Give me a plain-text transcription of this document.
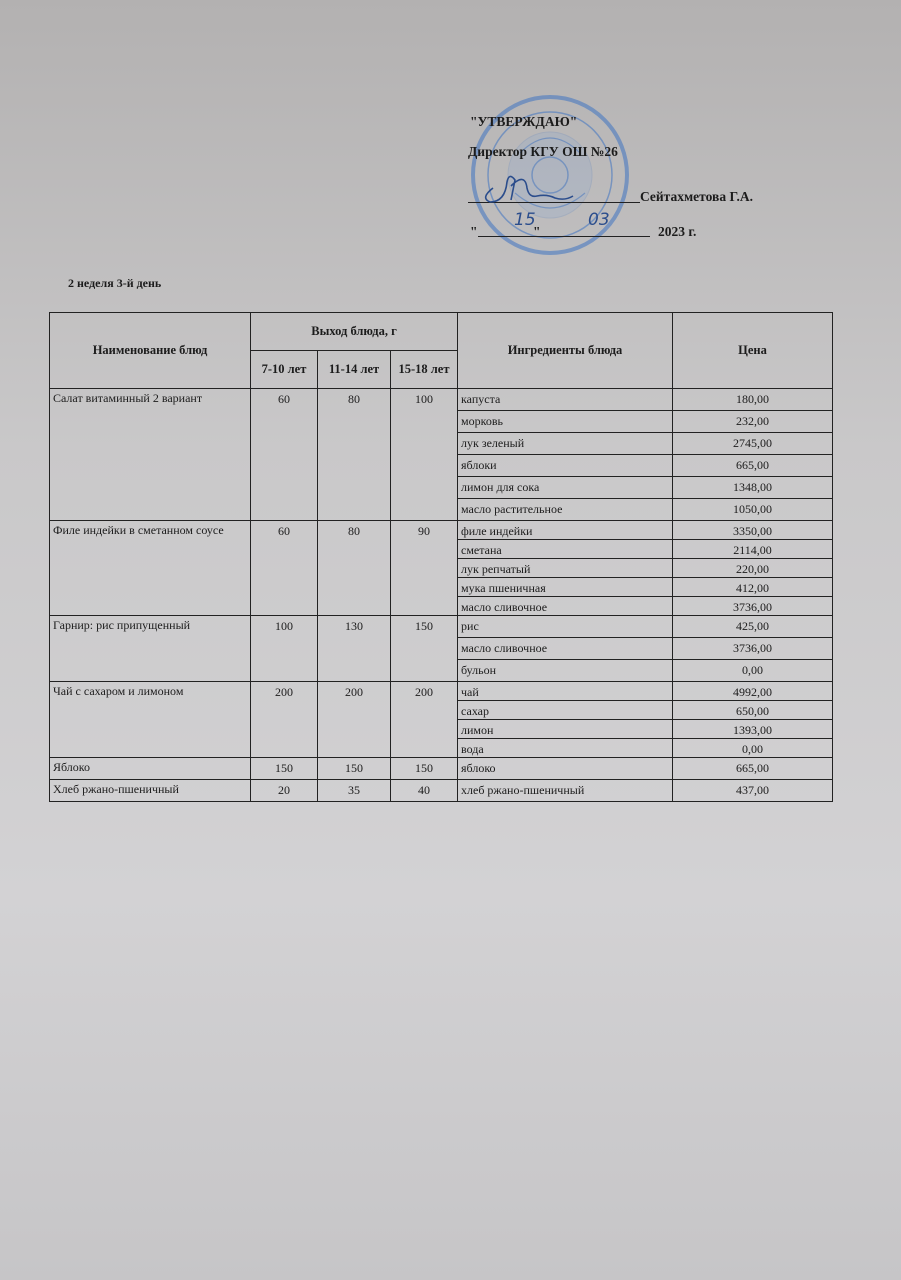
"УТВЕРЖДАЮ"
Директор КГУ ОШ №26
Сейтахметова Г.А.
"	"	2023 г.
15	03
2 неделя 3-й день
Наименование блюд	Выход блюда, г			Ингредиенты блюда	Цена
	7-10 лет	11-14 лет	15-18 лет		
Салат витаминный 2 вариант	60	80	100	капуста	180,00
				морковь	232,00
				лук зеленый	2745,00
				яблоки	665,00
				лимон для сока	1348,00
				масло растительное	1050,00
Филе индейки в сметанном соусе	60	80	90	филе индейки	3350,00
				сметана	2114,00
				лук репчатый	220,00
				мука пшеничная	412,00
				масло сливочное	3736,00
Гарнир: рис припущенный	100	130	150	рис	425,00
				масло сливочное	3736,00
				бульон	0,00
Чай с сахаром и лимоном	200	200	200	чай	4992,00
				сахар	650,00
				лимон	1393,00
				вода	0,00
Яблоко	150	150	150	яблоко	665,00
Хлеб ржано-пшеничный	20	35	40	хлеб ржано-пшеничный	437,00
